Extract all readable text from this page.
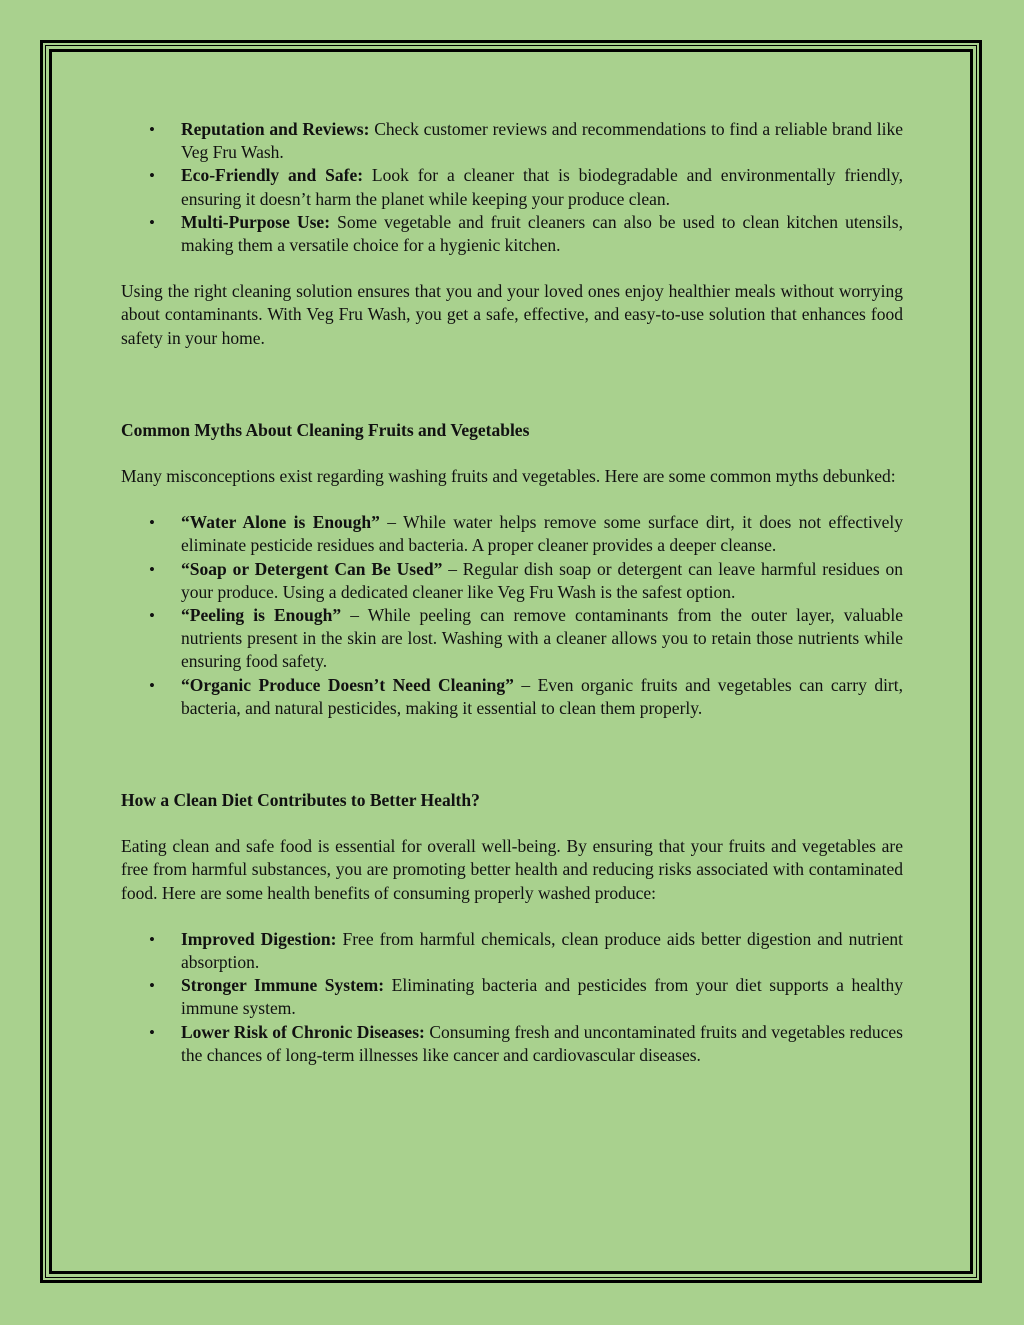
• Reputation and Reviews: Check customer reviews and recommendations to find a reliable brand like Veg Fru Wash.
• Eco-Friendly and Safe: Look for a cleaner that is biodegradable and environmentally friendly, ensuring it doesn’t harm the planet while keeping your produce clean.
• Multi-Purpose Use: Some vegetable and fruit cleaners can also be used to clean kitchen utensils, making them a versatile choice for a hygienic kitchen.

Using the right cleaning solution ensures that you and your loved ones enjoy healthier meals without worrying about contaminants. With Veg Fru Wash, you get a safe, effective, and easy-to-use solution that enhances food safety in your home.

Common Myths About Cleaning Fruits and Vegetables

Many misconceptions exist regarding washing fruits and vegetables. Here are some common myths debunked:

• “Water Alone is Enough” – While water helps remove some surface dirt, it does not effectively eliminate pesticide residues and bacteria. A proper cleaner provides a deeper cleanse.
• “Soap or Detergent Can Be Used” – Regular dish soap or detergent can leave harmful residues on your produce. Using a dedicated cleaner like Veg Fru Wash is the safest option.
• “Peeling is Enough” – While peeling can remove contaminants from the outer layer, valuable nutrients present in the skin are lost. Washing with a cleaner allows you to retain those nutrients while ensuring food safety.
• “Organic Produce Doesn’t Need Cleaning” – Even organic fruits and vegetables can carry dirt, bacteria, and natural pesticides, making it essential to clean them properly.

How a Clean Diet Contributes to Better Health?

Eating clean and safe food is essential for overall well-being. By ensuring that your fruits and vegetables are free from harmful substances, you are promoting better health and reducing risks associated with contaminated food. Here are some health benefits of consuming properly washed produce:

• Improved Digestion: Free from harmful chemicals, clean produce aids better digestion and nutrient absorption.
• Stronger Immune System: Eliminating bacteria and pesticides from your diet supports a healthy immune system.
• Lower Risk of Chronic Diseases: Consuming fresh and uncontaminated fruits and vegetables reduces the chances of long-term illnesses like cancer and cardiovascular diseases.
